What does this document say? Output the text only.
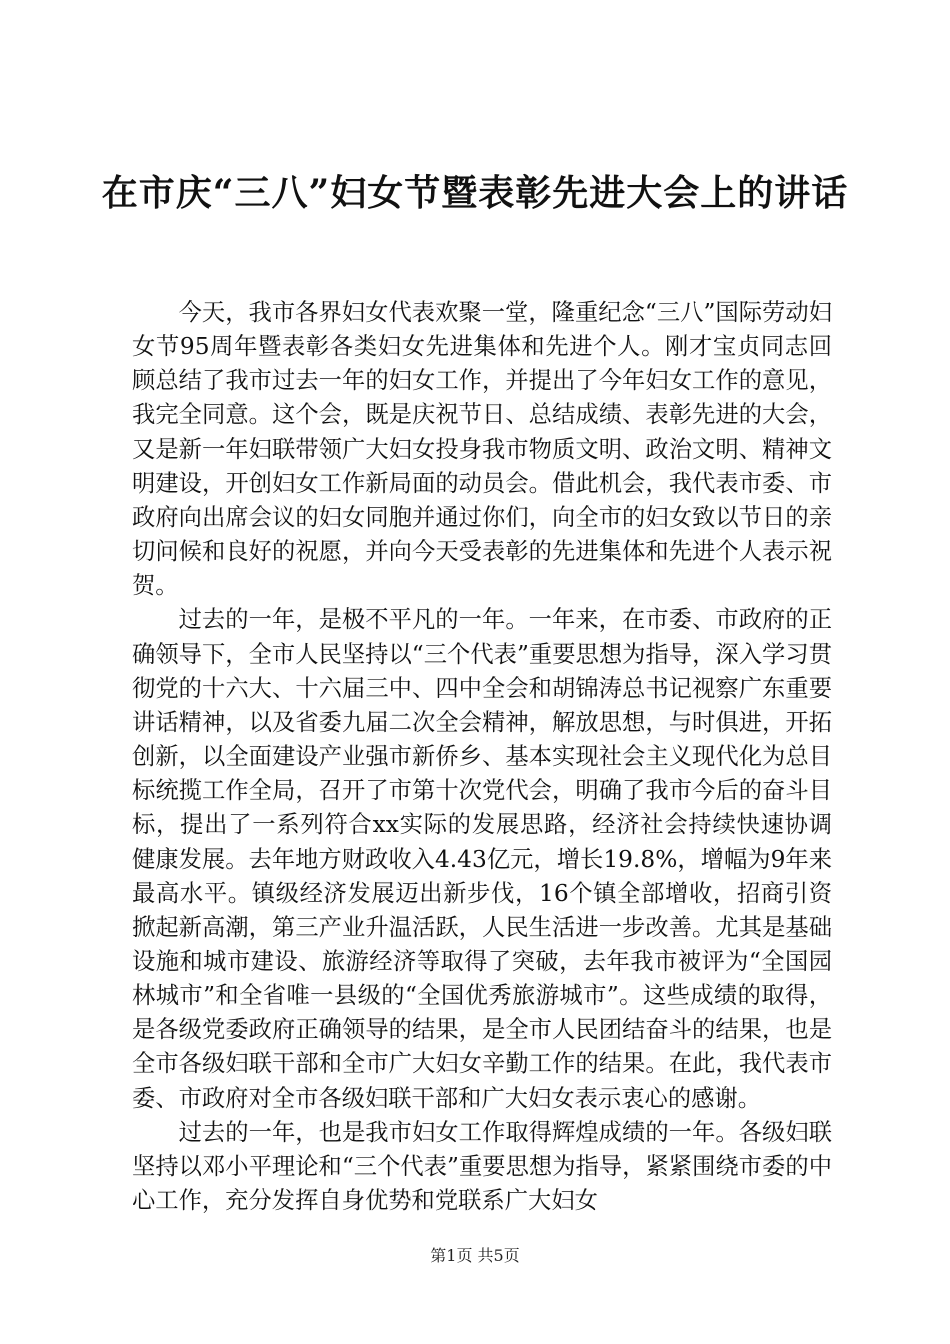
在市庆“三八”妇女节暨表彰先进大会上的讲话

今天，我市各界妇女代表欢聚一堂，隆重纪念“三八”国际劳动妇女节95周年暨表彰各类妇女先进集体和先进个人。刚才宝贞同志回顾总结了我市过去一年的妇女工作，并提出了今年妇女工作的意见，我完全同意。这个会，既是庆祝节日、总结成绩、表彰先进的大会，又是新一年妇联带领广大妇女投身我市物质文明、政治文明、精神文明建设，开创妇女工作新局面的动员会。借此机会，我代表市委、市政府向出席会议的妇女同胞并通过你们，向全市的妇女致以节日的亲切问候和良好的祝愿，并向今天受表彰的先进集体和先进个人表示祝贺。

过去的一年，是极不平凡的一年。一年来，在市委、市政府的正确领导下，全市人民坚持以“三个代表”重要思想为指导，深入学习贯彻党的十六大、十六届三中、四中全会和胡锦涛总书记视察广东重要讲话精神，以及省委九届二次全会精神，解放思想，与时俱进，开拓创新，以全面建设产业强市新侨乡、基本实现社会主义现代化为总目标统揽工作全局，召开了市第十次党代会，明确了我市今后的奋斗目标，提出了一系列符合xx实际的发展思路，经济社会持续快速协调健康发展。去年地方财政收入4.43亿元，增长19.8%，增幅为9年来最高水平。镇级经济发展迈出新步伐，16个镇全部增收，招商引资掀起新高潮，第三产业升温活跃，人民生活进一步改善。尤其是基础设施和城市建设、旅游经济等取得了突破，去年我市被评为“全国园林城市”和全省唯一县级的“全国优秀旅游城市”。这些成绩的取得，是各级党委政府正确领导的结果，是全市人民团结奋斗的结果，也是全市各级妇联干部和全市广大妇女辛勤工作的结果。在此，我代表市委、市政府对全市各级妇联干部和广大妇女表示衷心的感谢。

过去的一年，也是我市妇女工作取得辉煌成绩的一年。各级妇联坚持以邓小平理论和“三个代表”重要思想为指导，紧紧围绕市委的中心工作，充分发挥自身优势和党联系广大妇女

第1页 共5页
